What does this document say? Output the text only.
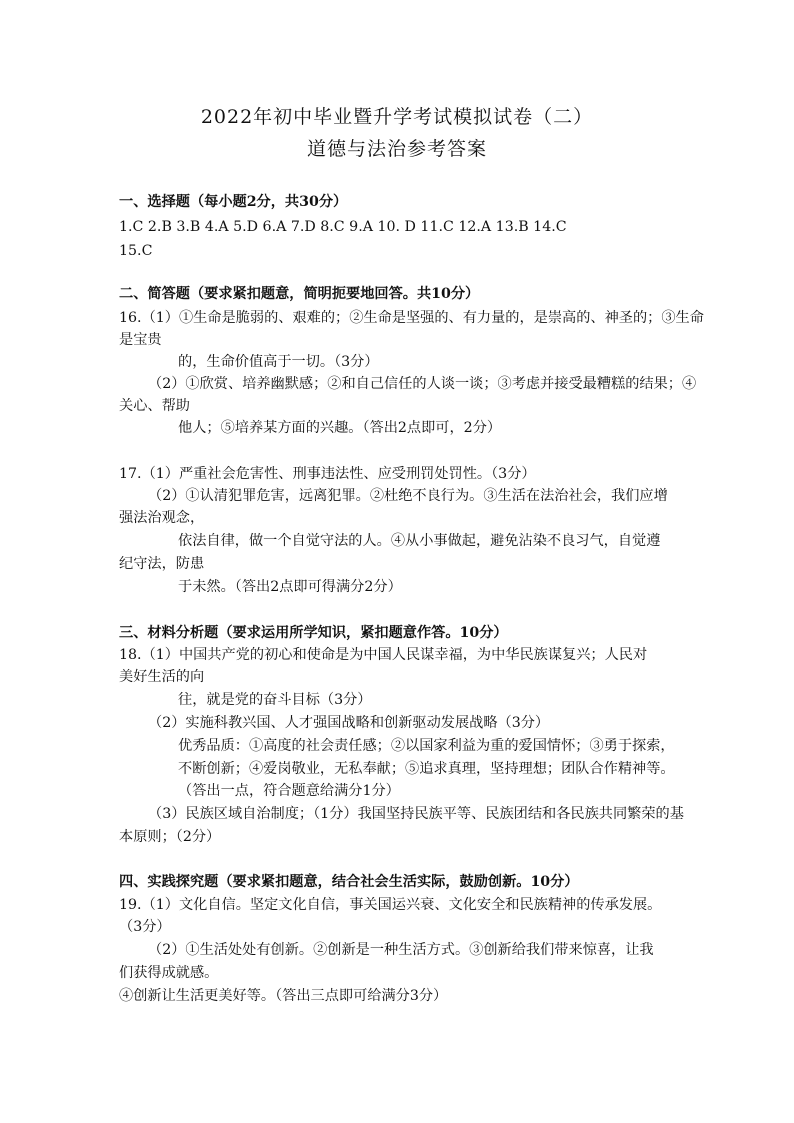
2022年初中毕业暨升学考试模拟试卷（二）
道德与法治参考答案
一、选择题（每小题2分，共30分）
1.C 2.B 3.B 4.A 5.D 6.A 7.D 8.C 9.A 10. D 11.C 12.A 13.B 14.C
15.C
二、简答题（要求紧扣题意，简明扼要地回答。共10分）
16.（1）①生命是脆弱的、艰难的；②生命是坚强的、有力量的，是崇高的、神圣的；③生命
是宝贵
的，生命价值高于一切。（3分）
（2）①欣赏、培养幽默感；②和自己信任的人谈一谈；③考虑并接受最糟糕的结果；④
关心、帮助
他人；⑤培养某方面的兴趣。（答出2点即可，2分）
17.（1）严重社会危害性、刑事违法性、应受刑罚处罚性。（3分）
（2）①认清犯罪危害，远离犯罪。②杜绝不良行为。③生活在法治社会，我们应增
强法治观念，
依法自律，做一个自觉守法的人。④从小事做起，避免沾染不良习气，自觉遵
纪守法，防患
于未然。（答出2点即可得满分2分）
三、材料分析题（要求运用所学知识，紧扣题意作答。10分）
18.（1）中国共产党的初心和使命是为中国人民谋幸福，为中华民族谋复兴；人民对
美好生活的向
往，就是党的奋斗目标（3分）
（2）实施科教兴国、人才强国战略和创新驱动发展战略（3分）
优秀品质：①高度的社会责任感；②以国家利益为重的爱国情怀；③勇于探索，
不断创新；④爱岗敬业，无私奉献；⑤追求真理，坚持理想；团队合作精神等。
（答出一点，符合题意给满分1分）
（3）民族区域自治制度；（1分）我国坚持民族平等、民族团结和各民族共同繁荣的基
本原则；（2分）
四、实践探究题（要求紧扣题意，结合社会生活实际，鼓励创新。10分）
19.（1）文化自信。坚定文化自信，事关国运兴衰、文化安全和民族精神的传承发展。
（3分）
（2）①生活处处有创新。②创新是一种生活方式。③创新给我们带来惊喜，让我
们获得成就感。
④创新让生活更美好等。（答出三点即可给满分3分）
